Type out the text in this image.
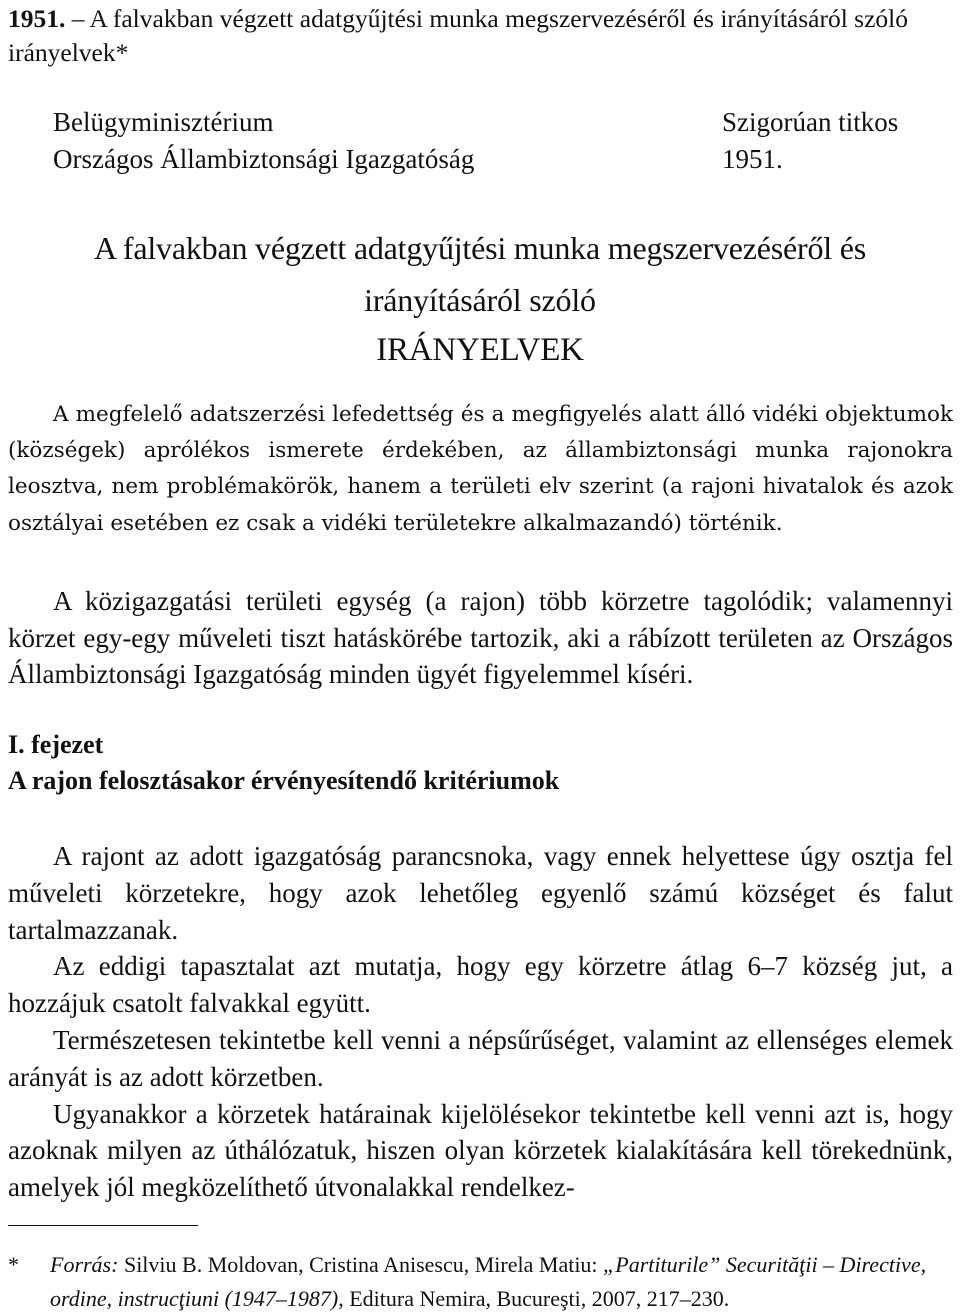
1951. – A falvakban végzett adatgyűjtési munka megszervezéséről és irányításáról szóló irányelvek*
Belügyminisztérium	Szigorúan titkos
Országos Állambiztonsági Igazgatóság	1951.
A falvakban végzett adatgyűjtési munka megszervezéséről és
irányításáról szóló
IRÁNYELVEK

A megfelelő adatszerzési lefedettség és a megfigyelés alatt álló vidéki objektumok (községek) aprólékos ismerete érdekében, az állambiztonsági munka rajonokra leosztva, nem problémakörök, hanem a területi elv szerint (a rajoni hivatalok és azok osztályai esetében ez csak a vidéki területekre alkalmazandó) történik.

A közigazgatási területi egység (a rajon) több körzetre tagolódik; valamennyi körzet egy-egy műveleti tiszt hatáskörébe tartozik, aki a rábízott területen az Országos Állambiztonsági Igazgatóság minden ügyét figyelemmel kíséri.

I. fejezet
A rajon felosztásakor érvényesítendő kritériumok

A rajont az adott igazgatóság parancsnoka, vagy ennek helyettese úgy osztja fel műveleti körzetekre, hogy azok lehetőleg egyenlő számú községet és falut tartalmazzanak.

Az eddigi tapasztalat azt mutatja, hogy egy körzetre átlag 6–7 község jut, a hozzájuk csatolt falvakkal együtt.

Természetesen tekintetbe kell venni a népsűrűséget, valamint az ellenséges elemek arányát is az adott körzetben.

Ugyanakkor a körzetek határainak kijelölésekor tekintetbe kell venni azt is, hogy azoknak milyen az úthálózatuk, hiszen olyan körzetek kialakítására kell törekednünk, amelyek jól megközelíthető útvonalakkal rendelkez-

* Forrás: Silviu B. Moldovan, Cristina Anisescu, Mirela Matiu: „Partiturile” Securităţii – Directive, ordine, instrucţiuni (1947–1987), Editura Nemira, Bucureşti, 2007, 217–230.
